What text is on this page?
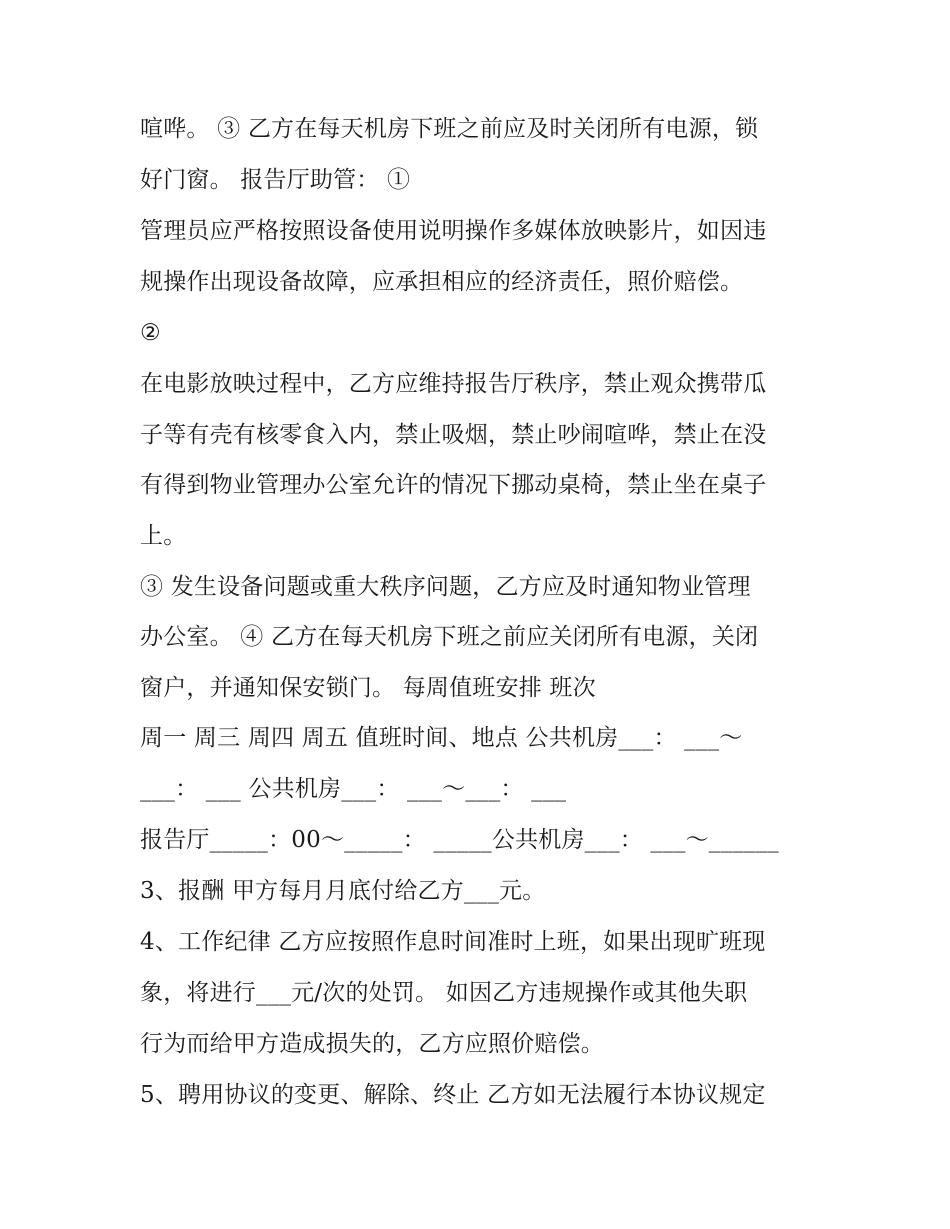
喧哗。 ③ 乙方在每天机房下班之前应及时关闭所有电源，锁

好门窗。 报告厅助管： ①

管理员应严格按照设备使用说明操作多媒体放映影片，如因违

规操作出现设备故障，应承担相应的经济责任，照价赔偿。

②

在电影放映过程中，乙方应维持报告厅秩序，禁止观众携带瓜

子等有壳有核零食入内，禁止吸烟，禁止吵闹喧哗，禁止在没

有得到物业管理办公室允许的情况下挪动桌椅，禁止坐在桌子

上。

③ 发生设备问题或重大秩序问题，乙方应及时通知物业管理

办公室。 ④ 乙方在每天机房下班之前应关闭所有电源，关闭

窗户，并通知保安锁门。 每周值班安排 班次

周一 周三 周四 周五 值班时间、地点 公共机房___： ___～

___： ___ 公共机房___： ___～___： ___

报告厅_____：00～_____： _____公共机房___： ___～______

3、报酬 甲方每月月底付给乙方___元。

4、工作纪律 乙方应按照作息时间准时上班，如果出现旷班现

象，将进行___元/次的处罚。 如因乙方违规操作或其他失职

行为而给甲方造成损失的，乙方应照价赔偿。

5、聘用协议的变更、解除、终止 乙方如无法履行本协议规定
